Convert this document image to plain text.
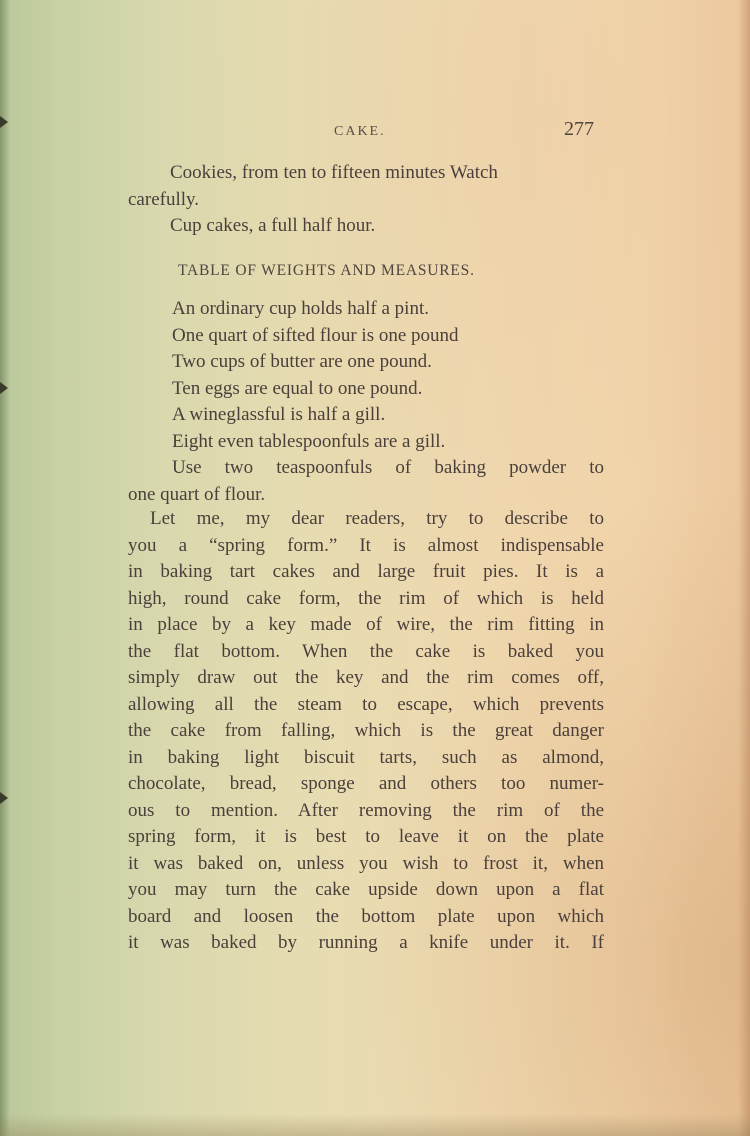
CAKE.	277
Cookies, from ten to fifteen minutes Watch
carefully.
Cup cakes, a full half hour.
TABLE OF WEIGHTS AND MEASURES.
An ordinary cup holds half a pint.
One quart of sifted flour is one pound
Two cups of butter are one pound.
Ten eggs are equal to one pound.
A wineglassful is half a gill.
Eight even tablespoonfuls are a gill.
Use two teaspoonfuls of baking powder to
one quart of flour.
Let me, my dear readers, try to describe to
you a “spring form.” It is almost indispensable
in baking tart cakes and large fruit pies. It is a
high, round cake form, the rim of which is held
in place by a key made of wire, the rim fitting in
the flat bottom. When the cake is baked you
simply draw out the key and the rim comes off,
allowing all the steam to escape, which prevents
the cake from falling, which is the great danger
in baking light biscuit tarts, such as almond,
chocolate, bread, sponge and others too numer-
ous to mention. After removing the rim of the
spring form, it is best to leave it on the plate
it was baked on, unless you wish to frost it, when
you may turn the cake upside down upon a flat
board and loosen the bottom plate upon which
it was baked by running a knife under it. If
